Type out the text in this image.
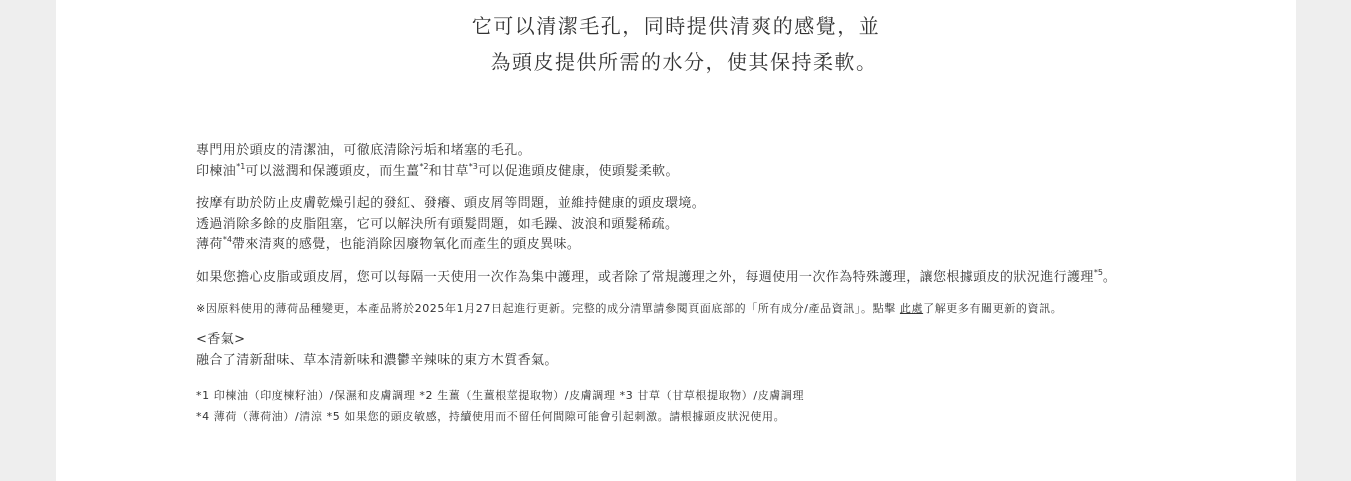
它可以清潔毛孔，同時提供清爽的感覺，並

為頭皮提供所需的水分，使其保持柔軟。

專門用於頭皮的清潔油，可徹底清除污垢和堵塞的毛孔。

印楝油$^{*1}$可以滋潤和保護頭皮，而生薑$^{*2}$和甘草$^{*3}$可以促進頭皮健康，使頭髮柔軟。

按摩有助於防止皮膚乾燥引起的發紅、發癢、頭皮屑等問題，並維持健康的頭皮環境。

透過消除多餘的皮脂阻塞，它可以解決所有頭髮問題，如毛躁、波浪和頭髮稀疏。

薄荷$^{*4}$帶來清爽的感覺，也能消除因廢物氧化而產生的頭皮異味。

如果您擔心皮脂或頭皮屑，您可以每隔一天使用一次作為集中護理，或者除了常規護理之外，每週使用一次作為特殊護理，讓您根據頭皮的狀況進行護理$^{*5}$。

※因原料使用的薄荷品種變更，本產品將於2025年1月27日起進行更新。完整的成分清單請參閱頁面底部的「所有成分/產品資訊」。點擊 此處了解更多有關更新的資訊。

<香氣>

融合了清新甜味、草本清新味和濃鬱辛辣味的東方木質香氣。

*1 印楝油（印度楝籽油）/保濕和皮膚調理 *2 生薑（生薑根莖提取物）/皮膚調理 *3 甘草（甘草根提取物）/皮膚調理

*4 薄荷（薄荷油）/清涼 *5 如果您的頭皮敏感，持續使用而不留任何間隙可能會引起刺激。請根據頭皮狀況使用。
